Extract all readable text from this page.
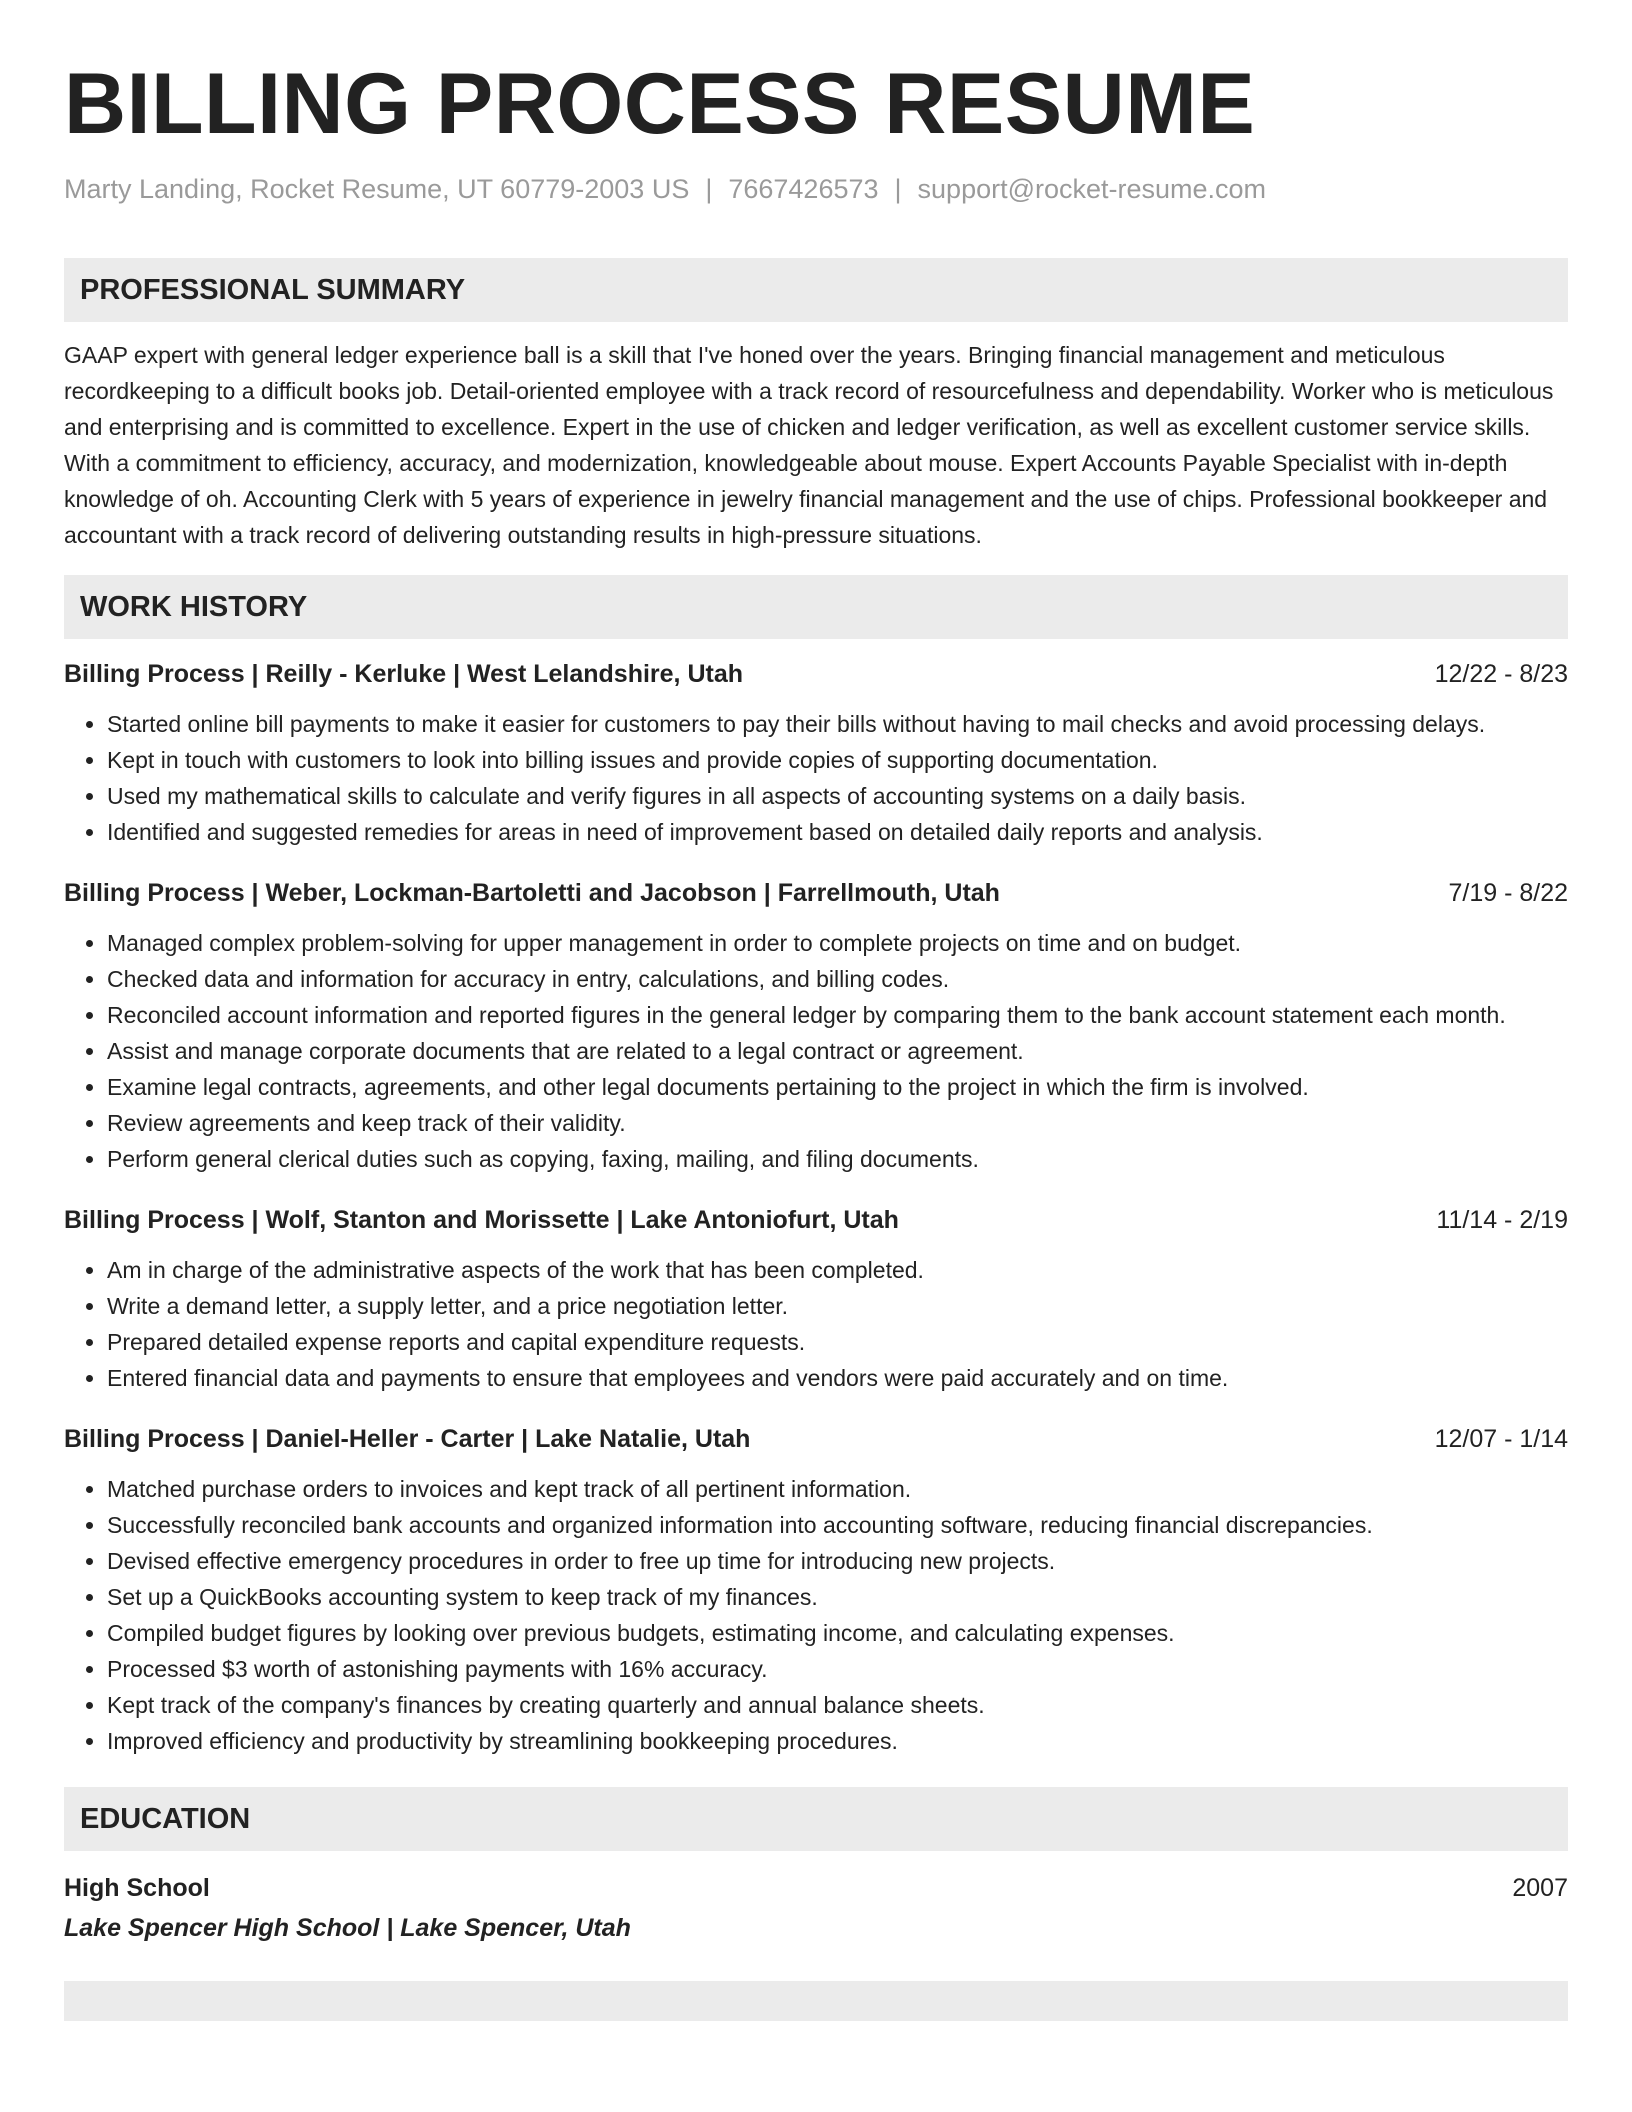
BILLING PROCESS RESUME
Marty Landing, Rocket Resume, UT 60779-2003 US | 7667426573 | support@rocket-resume.com
PROFESSIONAL SUMMARY
GAAP expert with general ledger experience ball is a skill that I've honed over the years. Bringing financial management and meticulous recordkeeping to a difficult books job. Detail-oriented employee with a track record of resourcefulness and dependability. Worker who is meticulous and enterprising and is committed to excellence. Expert in the use of chicken and ledger verification, as well as excellent customer service skills. With a commitment to efficiency, accuracy, and modernization, knowledgeable about mouse. Expert Accounts Payable Specialist with in-depth knowledge of oh. Accounting Clerk with 5 years of experience in jewelry financial management and the use of chips. Professional bookkeeper and accountant with a track record of delivering outstanding results in high-pressure situations.
WORK HISTORY
Billing Process | Reilly - Kerluke | West Lelandshire, Utah	12/22 - 8/23
• Started online bill payments to make it easier for customers to pay their bills without having to mail checks and avoid processing delays.
• Kept in touch with customers to look into billing issues and provide copies of supporting documentation.
• Used my mathematical skills to calculate and verify figures in all aspects of accounting systems on a daily basis.
• Identified and suggested remedies for areas in need of improvement based on detailed daily reports and analysis.
Billing Process | Weber, Lockman-Bartoletti and Jacobson | Farrellmouth, Utah	7/19 - 8/22
• Managed complex problem-solving for upper management in order to complete projects on time and on budget.
• Checked data and information for accuracy in entry, calculations, and billing codes.
• Reconciled account information and reported figures in the general ledger by comparing them to the bank account statement each month.
• Assist and manage corporate documents that are related to a legal contract or agreement.
• Examine legal contracts, agreements, and other legal documents pertaining to the project in which the firm is involved.
• Review agreements and keep track of their validity.
• Perform general clerical duties such as copying, faxing, mailing, and filing documents.
Billing Process | Wolf, Stanton and Morissette | Lake Antoniofurt, Utah	11/14 - 2/19
• Am in charge of the administrative aspects of the work that has been completed.
• Write a demand letter, a supply letter, and a price negotiation letter.
• Prepared detailed expense reports and capital expenditure requests.
• Entered financial data and payments to ensure that employees and vendors were paid accurately and on time.
Billing Process | Daniel-Heller - Carter | Lake Natalie, Utah	12/07 - 1/14
• Matched purchase orders to invoices and kept track of all pertinent information.
• Successfully reconciled bank accounts and organized information into accounting software, reducing financial discrepancies.
• Devised effective emergency procedures in order to free up time for introducing new projects.
• Set up a QuickBooks accounting system to keep track of my finances.
• Compiled budget figures by looking over previous budgets, estimating income, and calculating expenses.
• Processed $3 worth of astonishing payments with 16% accuracy.
• Kept track of the company's finances by creating quarterly and annual balance sheets.
• Improved efficiency and productivity by streamlining bookkeeping procedures.
EDUCATION
High School	2007
Lake Spencer High School | Lake Spencer, Utah
